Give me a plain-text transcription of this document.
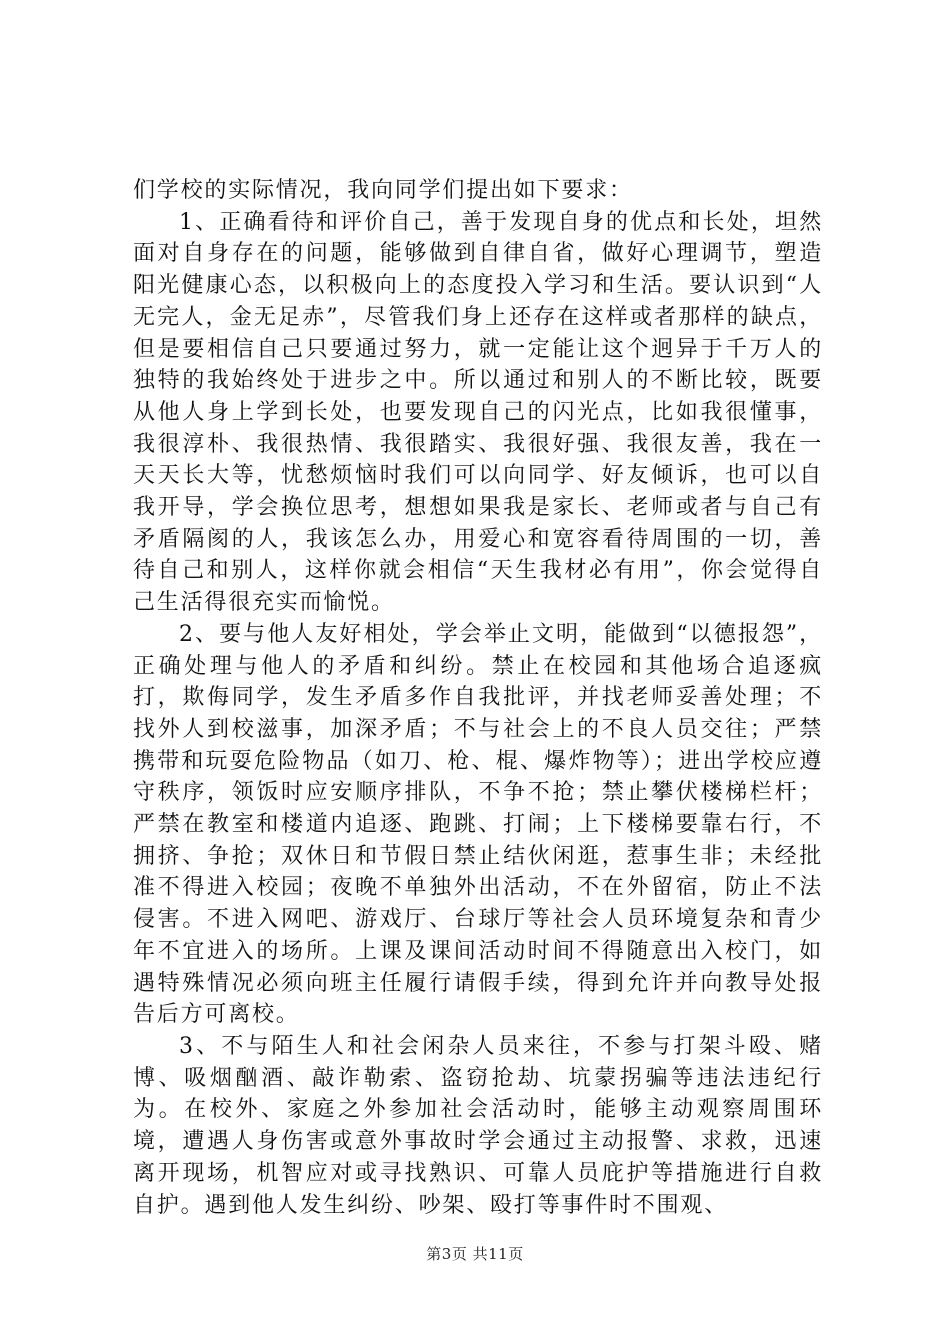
们学校的实际情况，我向同学们提出如下要求：

1、正确看待和评价自己，善于发现自身的优点和长处，坦然面对自身存在的问题，能够做到自律自省，做好心理调节，塑造阳光健康心态，以积极向上的态度投入学习和生活。要认识到“人无完人，金无足赤”，尽管我们身上还存在这样或者那样的缺点，但是要相信自己只要通过努力，就一定能让这个迥异于千万人的独特的我始终处于进步之中。所以通过和别人的不断比较，既要从他人身上学到长处，也要发现自己的闪光点，比如我很懂事，我很淳朴、我很热情、我很踏实、我很好强、我很友善，我在一天天长大等，忧愁烦恼时我们可以向同学、好友倾诉，也可以自我开导，学会换位思考，想想如果我是家长、老师或者与自己有矛盾隔阂的人，我该怎么办，用爱心和宽容看待周围的一切，善待自己和别人，这样你就会相信“天生我材必有用”，你会觉得自己生活得很充实而愉悦。

2、要与他人友好相处，学会举止文明，能做到“以德报怨”，正确处理与他人的矛盾和纠纷。禁止在校园和其他场合追逐疯打，欺侮同学，发生矛盾多作自我批评，并找老师妥善处理；不找外人到校滋事，加深矛盾；不与社会上的不良人员交往；严禁携带和玩耍危险物品（如刀、枪、棍、爆炸物等）；进出学校应遵守秩序，领饭时应安顺序排队，不争不抢；禁止攀伏楼梯栏杆；严禁在教室和楼道内追逐、跑跳、打闹；上下楼梯要靠右行，不拥挤、争抢；双休日和节假日禁止结伙闲逛，惹事生非；未经批准不得进入校园；夜晚不单独外出活动，不在外留宿，防止不法侵害。不进入网吧、游戏厅、台球厅等社会人员环境复杂和青少年不宜进入的场所。上课及课间活动时间不得随意出入校门，如遇特殊情况必须向班主任履行请假手续，得到允许并向教导处报告后方可离校。

3、不与陌生人和社会闲杂人员来往，不参与打架斗殴、赌博、吸烟酗酒、敲诈勒索、盗窃抢劫、坑蒙拐骗等违法违纪行为。在校外、家庭之外参加社会活动时，能够主动观察周围环境，遭遇人身伤害或意外事故时学会通过主动报警、求救，迅速离开现场，机智应对或寻找熟识、可靠人员庇护等措施进行自救自护。遇到他人发生纠纷、吵架、殴打等事件时不围观、

第3页 共11页
